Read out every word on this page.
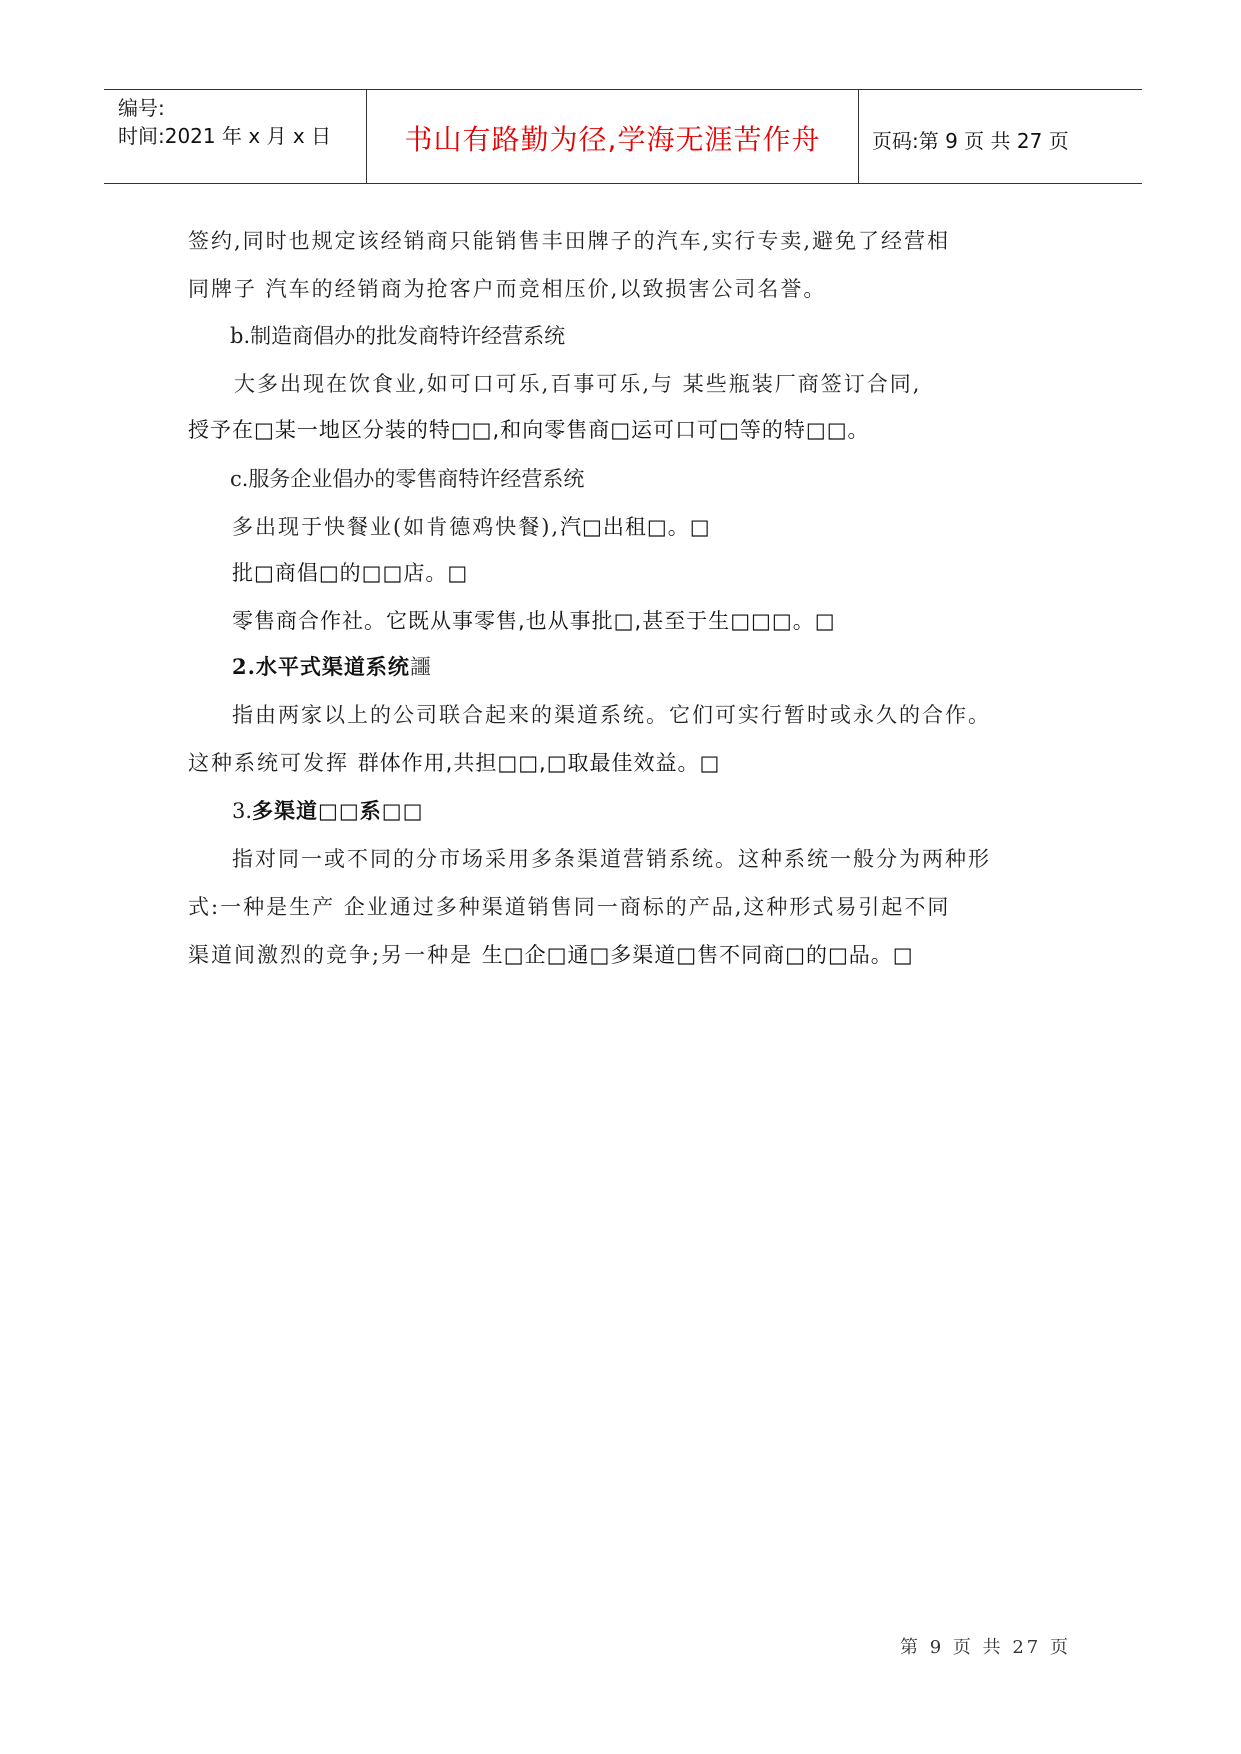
编号:
时间:2021 年 x 月 x 日	书山有路勤为径,学海无涯苦作舟	页码:第 9 页 共 27 页
签约,同时也规定该经销商只能销售丰田牌子的汽车,实行专卖,避免了经营相
同牌子 汽车的经销商为抢客户而竞相压价,以致损害公司名誉。
b.制造商倡办的批发商特许经营系统
大多出现在饮食业,如可口可乐,百事可乐,与 某些瓶装厂商签订合同,
授予在□某一地区分装的特□□,和向零售商□运可口可□等的特□□。
c.服务企业倡办的零售商特许经营系统
多出现于快餐业(如肯德鸡快餐),汽□出租□。□
批□商倡□的□□店。□
零售商合作社。它既从事零售,也从事批□,甚至于生□□□。□
2.水平式渠道系统讍
指由两家以上的公司联合起来的渠道系统。它们可实行暂时或永久的合作。
这种系统可发挥 群体作用,共担□□,□取最佳效益。□
3.多渠道□□系□□
指对同一或不同的分市场采用多条渠道营销系统。这种系统一般分为两种形
式:一种是生产 企业通过多种渠道销售同一商标的产品,这种形式易引起不同
渠道间激烈的竞争;另一种是 生□企□通□多渠道□售不同商□的□品。□
第 9 页 共 27 页
